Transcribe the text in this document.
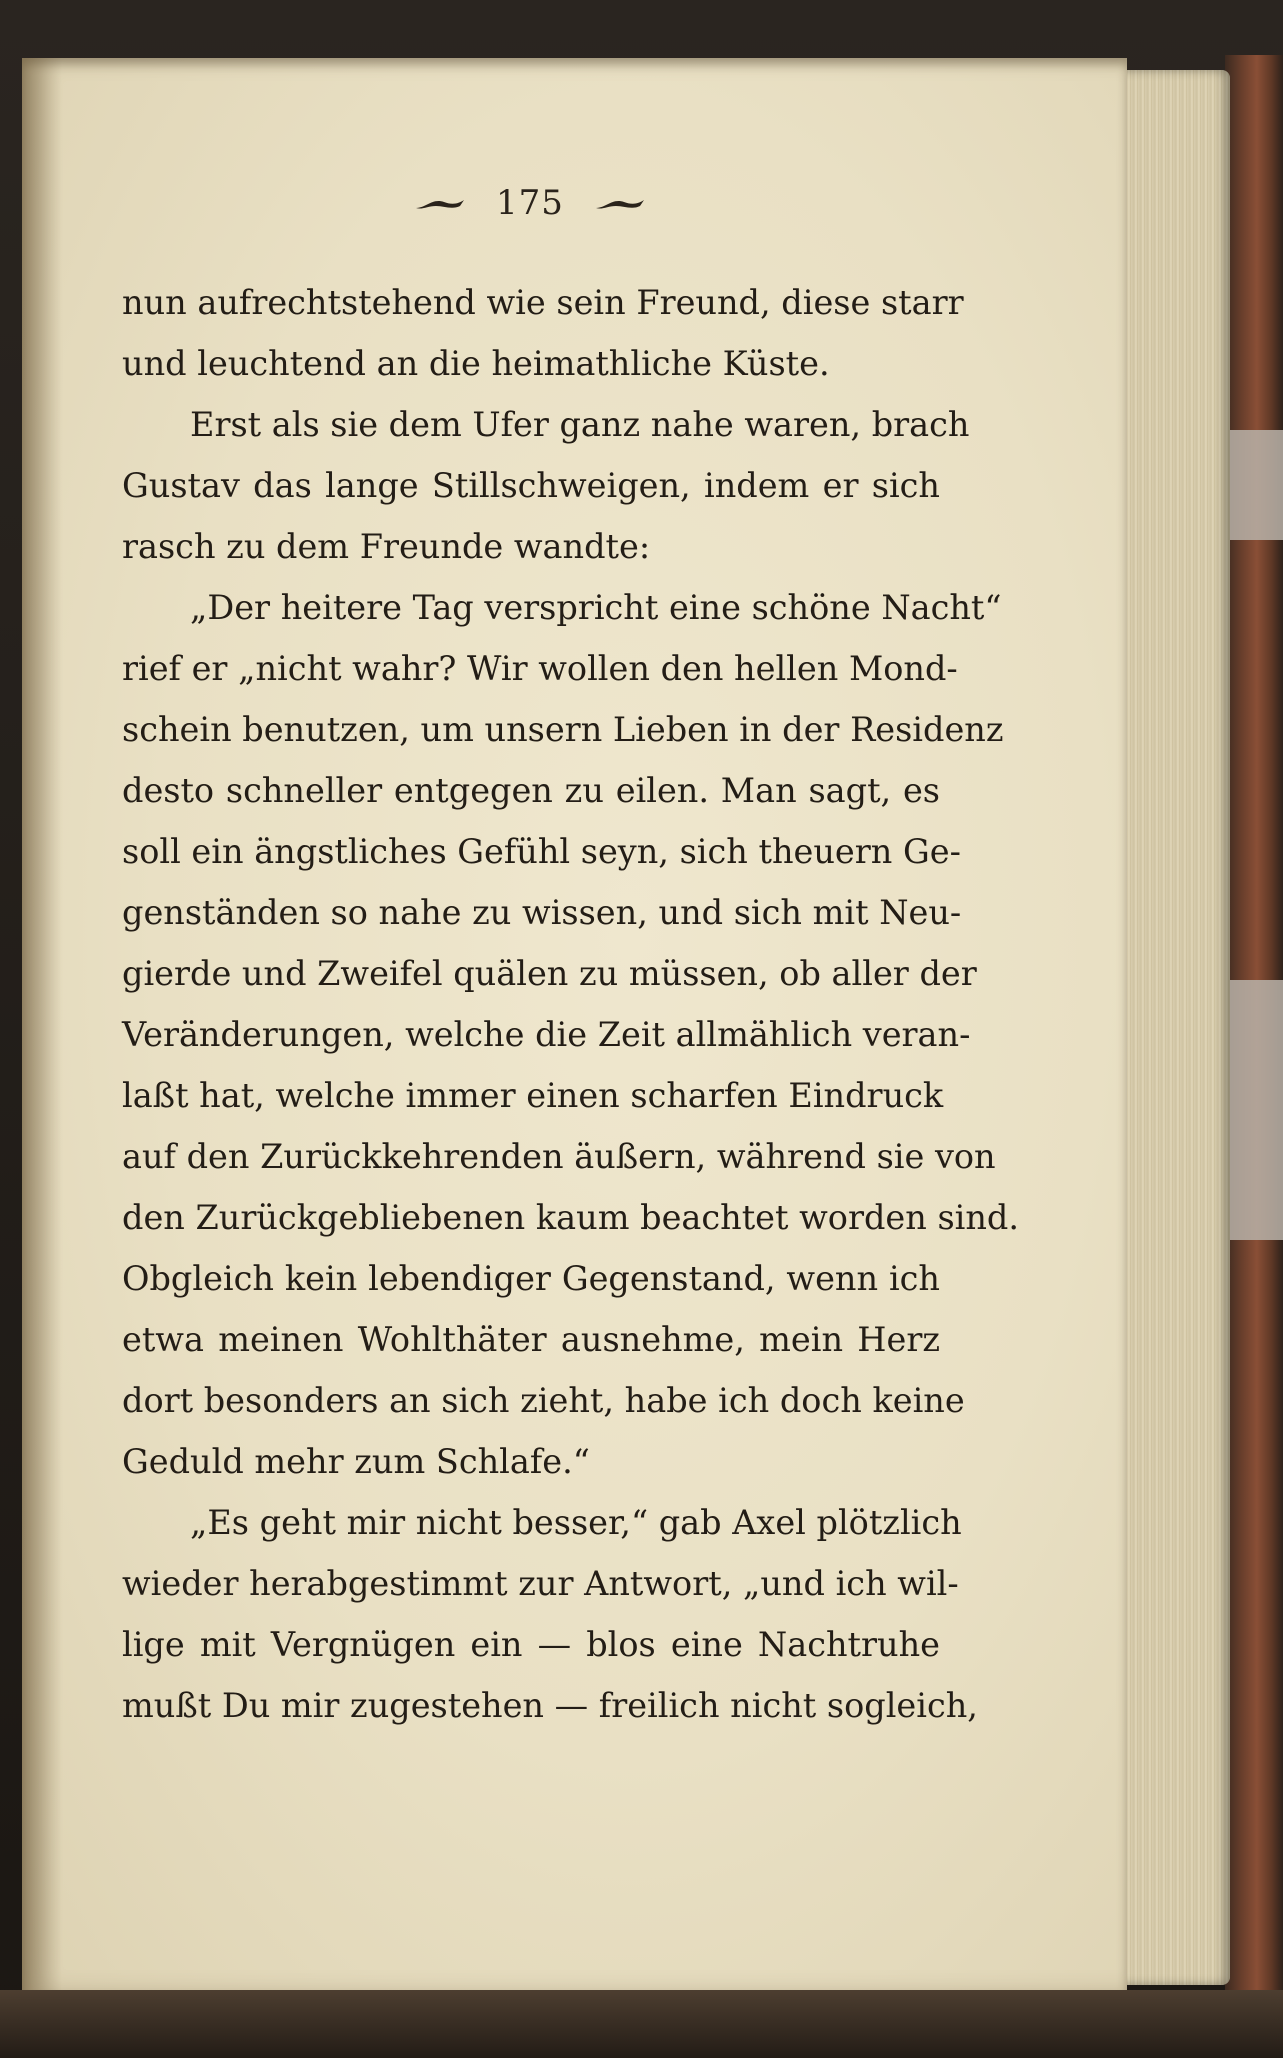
175
nun aufrechtstehend wie sein Freund, diese starr
und leuchtend an die heimathliche Küste.
Erst als sie dem Ufer ganz nahe waren, brach
Gustav das lange Stillschweigen, indem er sich
rasch zu dem Freunde wandte:
„Der heitere Tag verspricht eine schöne Nacht“
rief er „nicht wahr? Wir wollen den hellen Mond-
schein benutzen, um unsern Lieben in der Residenz
desto schneller entgegen zu eilen. Man sagt, es
soll ein ängstliches Gefühl seyn, sich theuern Ge-
genständen so nahe zu wissen, und sich mit Neu-
gierde und Zweifel quälen zu müssen, ob aller der
Veränderungen, welche die Zeit allmählich veran-
laßt hat, welche immer einen scharfen Eindruck
auf den Zurückkehrenden äußern, während sie von
den Zurückgebliebenen kaum beachtet worden sind.
Obgleich kein lebendiger Gegenstand, wenn ich
etwa meinen Wohlthäter ausnehme, mein Herz
dort besonders an sich zieht, habe ich doch keine
Geduld mehr zum Schlafe.“
„Es geht mir nicht besser,“ gab Axel plötzlich
wieder herabgestimmt zur Antwort, „und ich wil-
lige mit Vergnügen ein — blos eine Nachtruhe
mußt Du mir zugestehen — freilich nicht sogleich,
